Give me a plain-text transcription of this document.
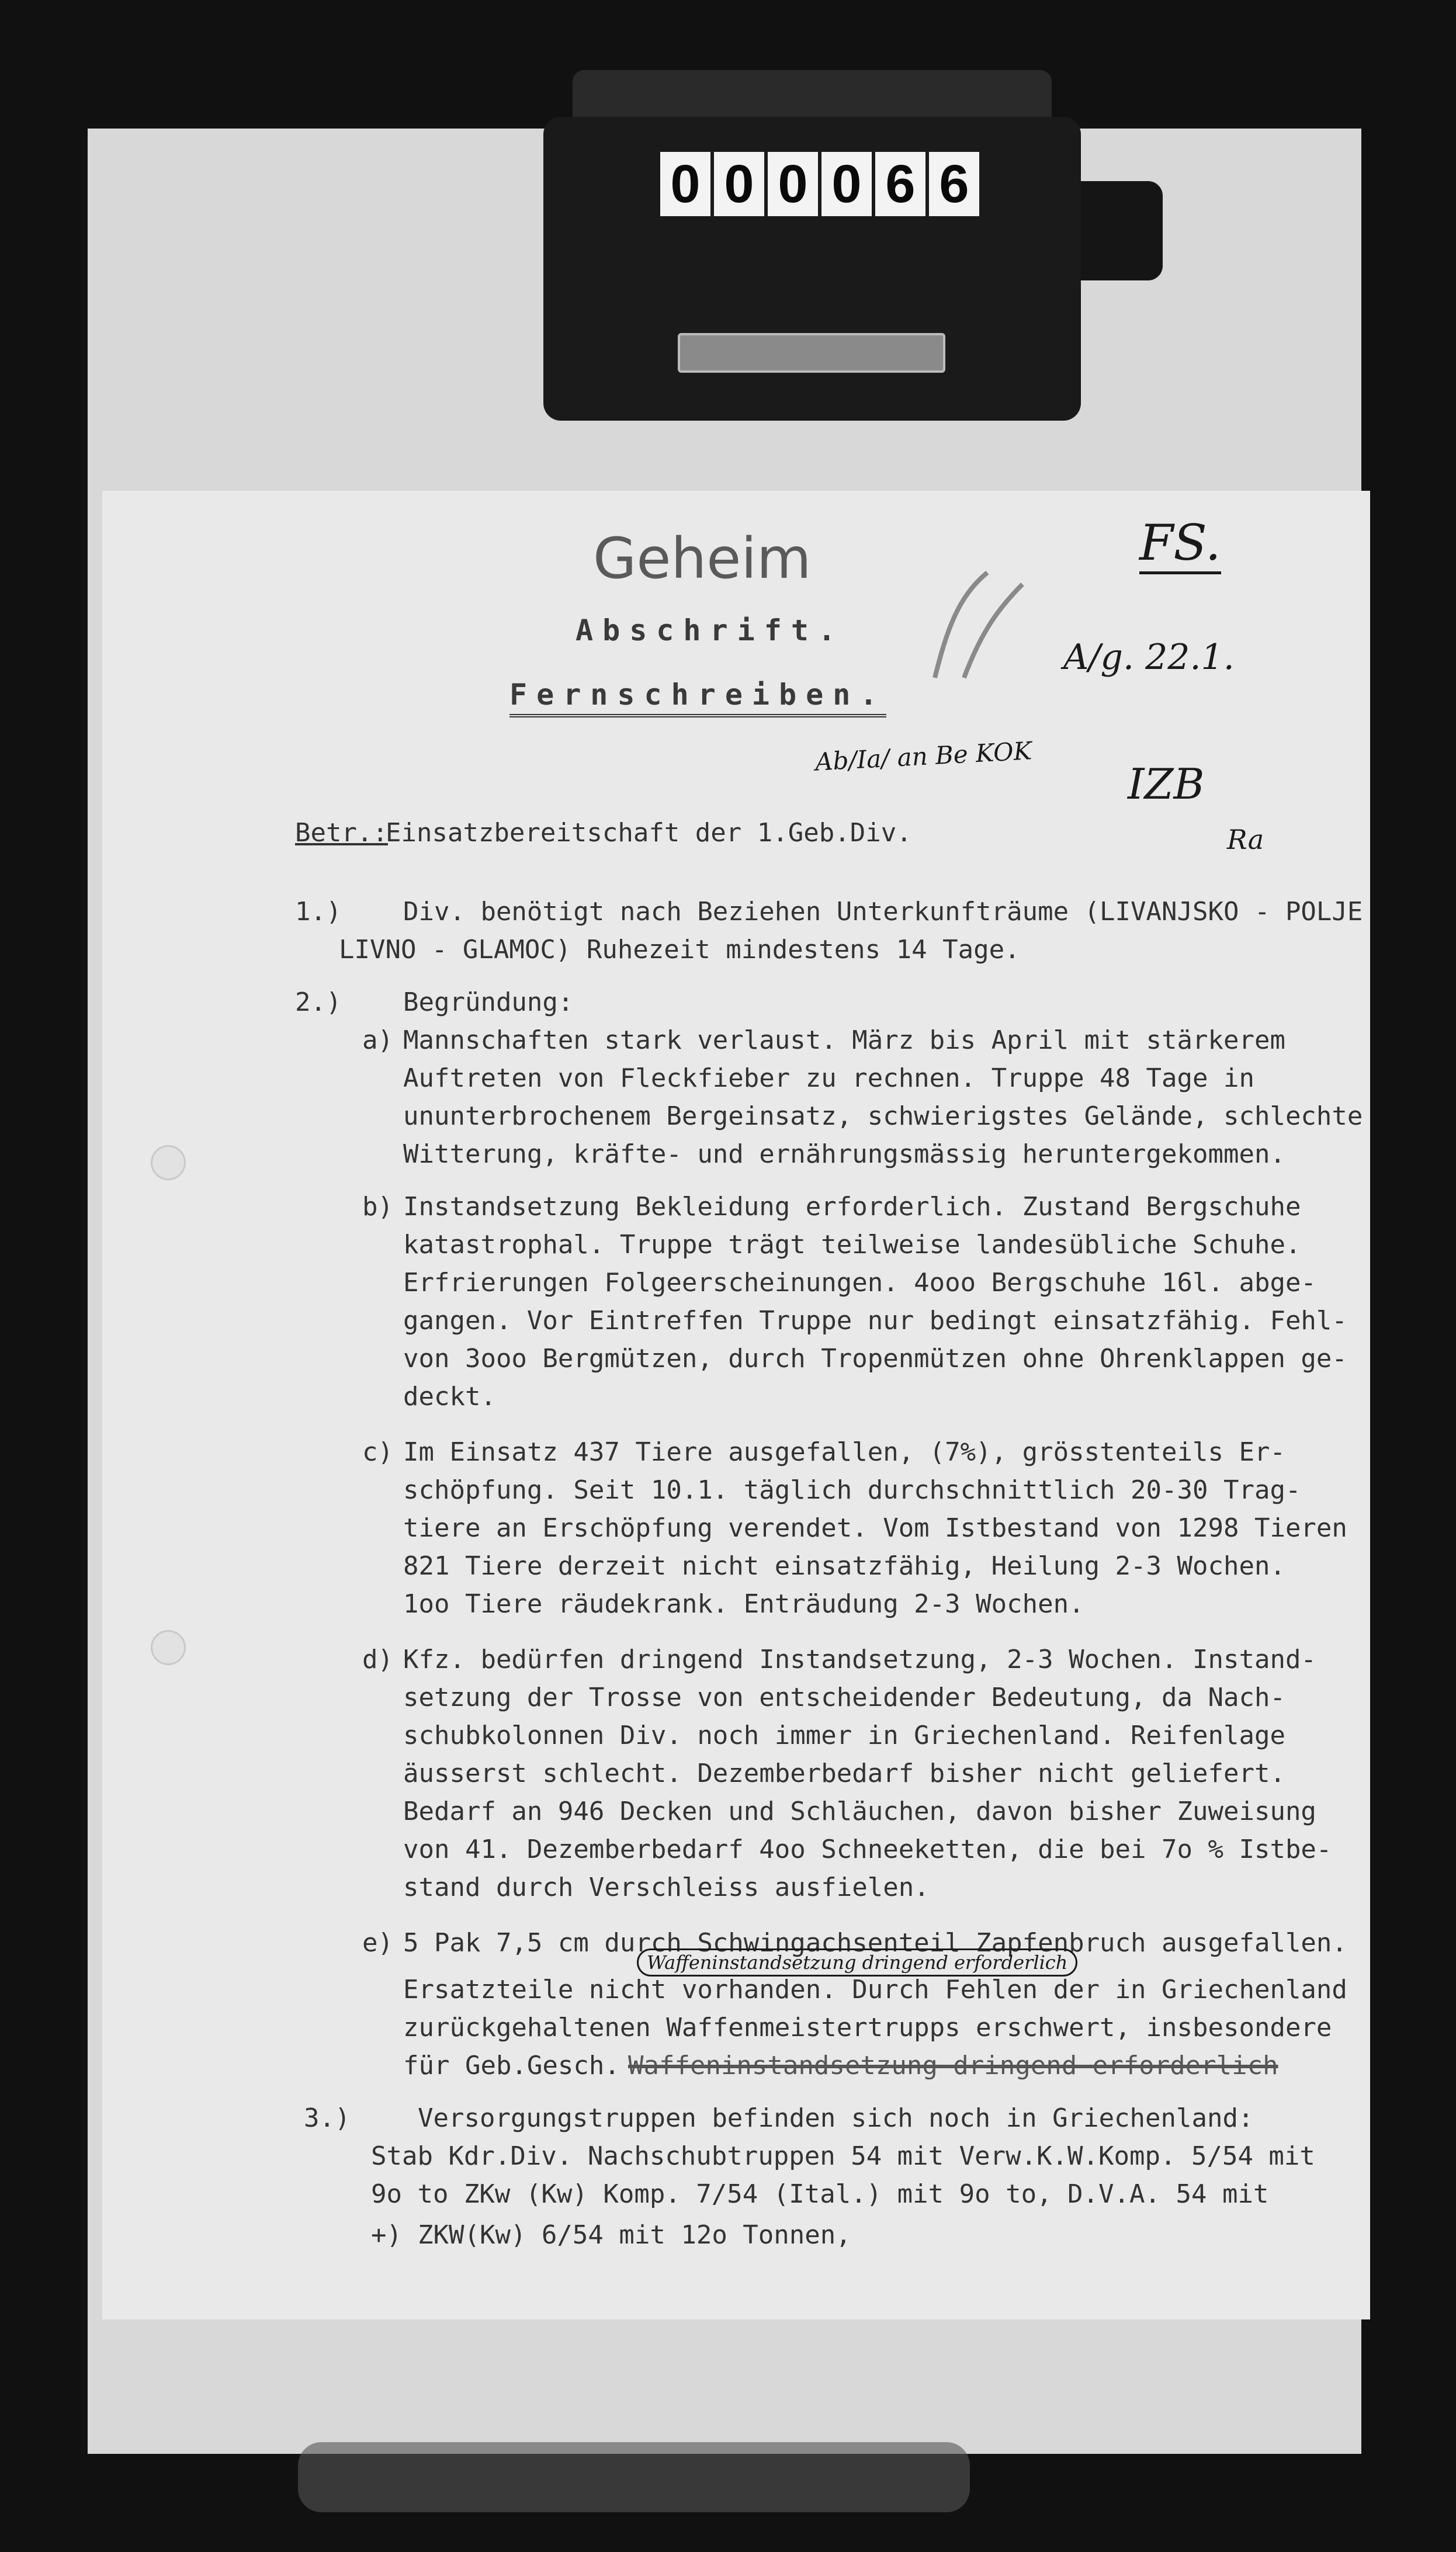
0 0 0 0 6 6
Geheim
Abschrift.
Fernschreiben.
FS.
A/g. 22.1.
Ab/Ia/ an Be KOK
IZB
Ra
Betr.:
Einsatzbereitschaft der 1.Geb.Div.
1.) Div. benötigt nach Beziehen Unterkunfträume (LIVANJSKO - POLJE
LIVNO - GLAMOC) Ruhezeit mindestens 14 Tage.
2.) Begründung:
a) Mannschaften stark verlaust. März bis April mit stärkerem
Auftreten von Fleckfieber zu rechnen. Truppe 48 Tage in
ununterbrochenem Bergeinsatz, schwierigstes Gelände, schlechte
Witterung, kräfte- und ernährungsmässig heruntergekommen.
b) Instandsetzung Bekleidung erforderlich. Zustand Bergschuhe
katastrophal. Truppe trägt teilweise landesübliche Schuhe.
Erfrierungen Folgeerscheinungen. 4ooo Bergschuhe 16l. abge-
gangen. Vor Eintreffen Truppe nur bedingt einsatzfähig. Fehl-
von 3ooo Bergmützen, durch Tropenmützen ohne Ohrenklappen ge-
deckt.
c) Im Einsatz 437 Tiere ausgefallen, (7%), grösstenteils Er-
schöpfung. Seit 10.1. täglich durchschnittlich 20-30 Trag-
tiere an Erschöpfung verendet. Vom Istbestand von 1298 Tieren
821 Tiere derzeit nicht einsatzfähig, Heilung 2-3 Wochen.
1oo Tiere räudekrank. Enträudung 2-3 Wochen.
d) Kfz. bedürfen dringend Instandsetzung, 2-3 Wochen. Instand-
setzung der Trosse von entscheidender Bedeutung, da Nach-
schubkolonnen Div. noch immer in Griechenland. Reifenlage
äusserst schlecht. Dezemberbedarf bisher nicht geliefert.
Bedarf an 946 Decken und Schläuchen, davon bisher Zuweisung
von 41. Dezemberbedarf 4oo Schneeketten, die bei 7o % Istbe-
stand durch Verschleiss ausfielen.
e) 5 Pak 7,5 cm durch Schwingachsenteil Zapfenbruch ausgefallen.
Waffeninstandsetzung dringend erforderlich
Ersatzteile nicht vorhanden. Durch Fehlen der in Griechenland
zurückgehaltenen Waffenmeistertrupps erschwert, insbesondere
für Geb.Gesch. Waffeninstandsetzung dringend erforderlich
3.)	Versorgungstruppen befinden sich noch in Griechenland:
Stab Kdr.Div. Nachschubtruppen 54 mit Verw.K.W.Komp. 5/54 mit
9o to ZKw (Kw) Komp. 7/54 (Ital.) mit 9o to, D.V.A. 54 mit
+) ZKW(Kw) 6/54 mit 12o Tonnen,
